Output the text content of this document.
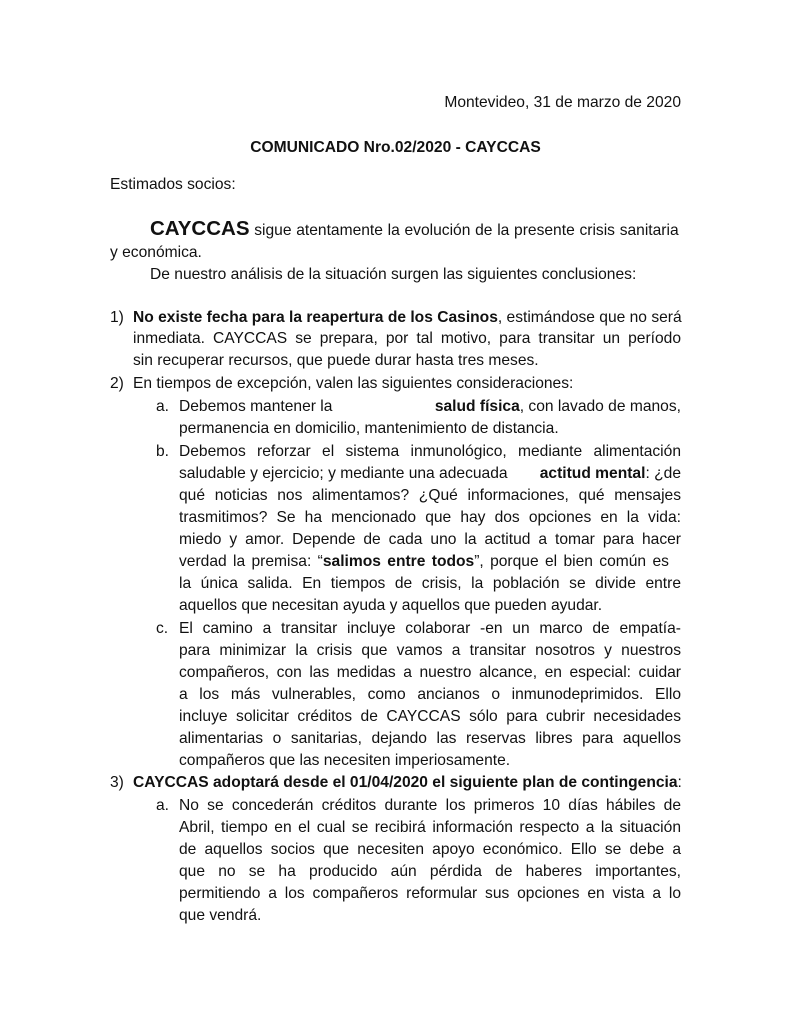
Montevideo, 31 de marzo de 2020
COMUNICADO Nro.02/2020 - CAYCCAS
Estimados socios:
CAYCCAS sigue atentamente la evolución de la presente crisis sanitaria
y económica.
De nuestro análisis de la situación surgen las siguientes conclusiones:
1) No existe fecha para la reapertura de los Casinos, estimándose que no será
inmediata. CAYCCAS se prepara, por tal motivo, para transitar un período
sin recuperar recursos, que puede durar hasta tres meses.
2) En tiempos de excepción, valen las siguientes consideraciones:
a. Debemos mantener la	salud física, con lavado de manos,
permanencia en domicilio, mantenimiento de distancia.
b. Debemos reforzar el sistema inmunológico, mediante alimentación
saludable y ejercicio; y mediante una adecuada actitud mental: ¿de
qué noticias nos alimentamos? ¿Qué informaciones, qué mensajes
trasmitimos? Se ha mencionado que hay dos opciones en la vida:
miedo y amor. Depende de cada uno la actitud a tomar para hacer
verdad la premisa: “salimos entre todos”, porque el bien común es
la única salida. En tiempos de crisis, la población se divide entre
aquellos que necesitan ayuda y aquellos que pueden ayudar.
c. El camino a transitar incluye colaborar -en un marco de empatía-
para minimizar la crisis que vamos a transitar nosotros y nuestros
compañeros, con las medidas a nuestro alcance, en especial: cuidar
a los más vulnerables, como ancianos o inmunodeprimidos. Ello
incluye solicitar créditos de CAYCCAS sólo para cubrir necesidades
alimentarias o sanitarias, dejando las reservas libres para aquellos
compañeros que las necesiten imperiosamente.
3) CAYCCAS adoptará desde el 01/04/2020 el siguiente plan de contingencia:
a. No se concederán créditos durante los primeros 10 días hábiles de
Abril, tiempo en el cual se recibirá información respecto a la situación
de aquellos socios que necesiten apoyo económico. Ello se debe a
que no se ha producido aún pérdida de haberes importantes,
permitiendo a los compañeros reformular sus opciones en vista a lo
que vendrá.
